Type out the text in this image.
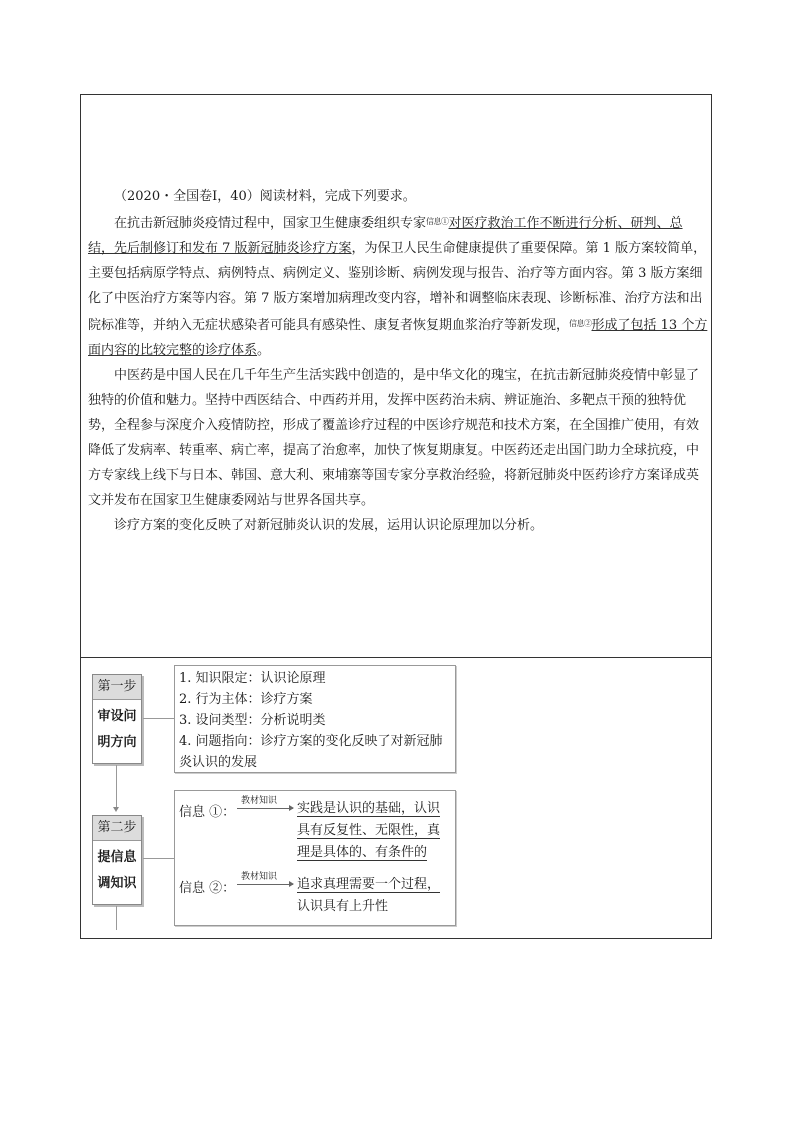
（2020・全国卷Ⅰ，40）阅读材料，完成下列要求。

在抗击新冠肺炎疫情过程中，国家卫生健康委组织专家$^{信息①}$对医疗救治工作不断进行分析、研判、总结，先后制修订和发布 7 版新冠肺炎诊疗方案，为保卫人民生命健康提供了重要保障。第 1 版方案较简单，主要包括病原学特点、病例特点、病例定义、鉴别诊断、病例发现与报告、治疗等方面内容。第 3 版方案细化了中医治疗方案等内容。第 7 版方案增加病理改变内容，增补和调整临床表现、诊断标准、治疗方法和出院标准等，并纳入无症状感染者可能具有感染性、康复者恢复期血浆治疗等新发现，$^{信息②}$形成了包括 13 个方面内容的比较完整的诊疗体系。

中医药是中国人民在几千年生产生活实践中创造的，是中华文化的瑰宝，在抗击新冠肺炎疫情中彰显了独特的价值和魅力。坚持中西医结合、中西药并用，发挥中医药治未病、辨证施治、多靶点干预的独特优势，全程参与深度介入疫情防控，形成了覆盖诊疗过程的中医诊疗规范和技术方案，在全国推广使用，有效降低了发病率、转重率、病亡率，提高了治愈率，加快了恢复期康复。中医药还走出国门助力全球抗疫，中方专家线上线下与日本、韩国、意大利、柬埔寨等国专家分享救治经验，将新冠肺炎中医药诊疗方案译成英文并发布在国家卫生健康委网站与世界各国共享。

诊疗方案的变化反映了对新冠肺炎认识的发展，运用认识论原理加以分析。

第一步
审设问
明方向
1. 知识限定：认识论原理
2. 行为主体：诊疗方案
3. 设问类型：分析说明类
4. 问题指向：诊疗方案的变化反映了对新冠肺炎认识的发展
第二步
提信息
调知识
信息 ①：
教材知识 实践是认识的基础，认识
具有反复性、无限性，真
理是具体的、有条件的
信息 ②：
教材知识 追求真理需要一个过程，
认识具有上升性
